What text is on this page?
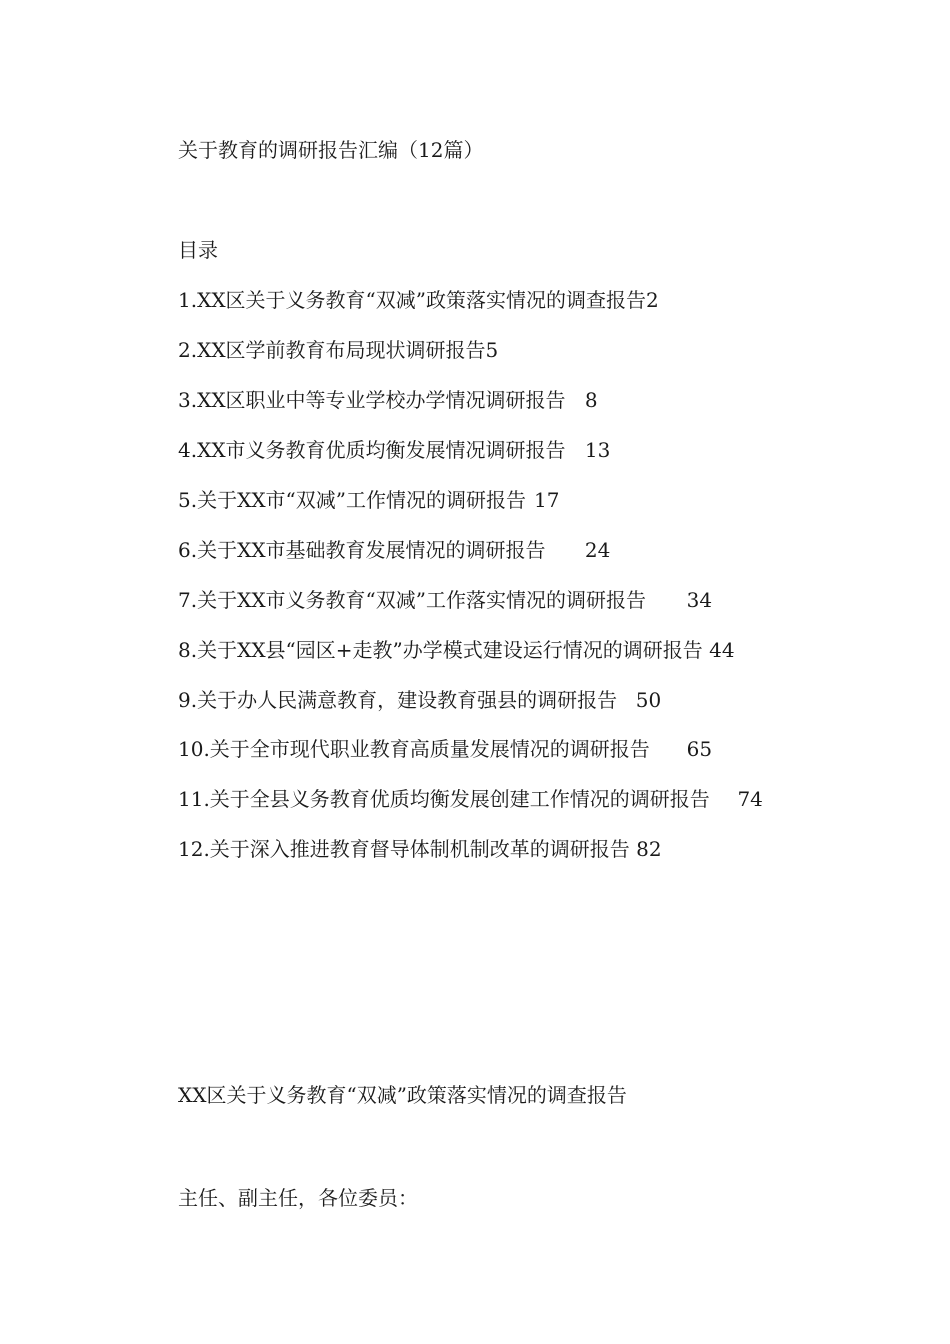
关于教育的调研报告汇编（12篇）
目录
1.XX区关于义务教育“双减”政策落实情况的调查报告2
2.XX区学前教育布局现状调研报告5
3.XX区职业中等专业学校办学情况调研报告	8
4.XX市义务教育优质均衡发展情况调研报告	13
5.关于XX市“双减”工作情况的调研报告	17
6.关于XX市基础教育发展情况的调研报告	24
7.关于XX市义务教育“双减”工作落实情况的调研报告	34
8.关于XX县“园区+走教”办学模式建设运行情况的调研报告 44
9.关于办人民满意教育，建设教育强县的调研报告	50
10.关于全市现代职业教育高质量发展情况的调研报告	65
11.关于全县义务教育优质均衡发展创建工作情况的调研报告	74
12.关于深入推进教育督导体制机制改革的调研报告 82
XX区关于义务教育“双减”政策落实情况的调查报告

主任、副主任，各位委员：
